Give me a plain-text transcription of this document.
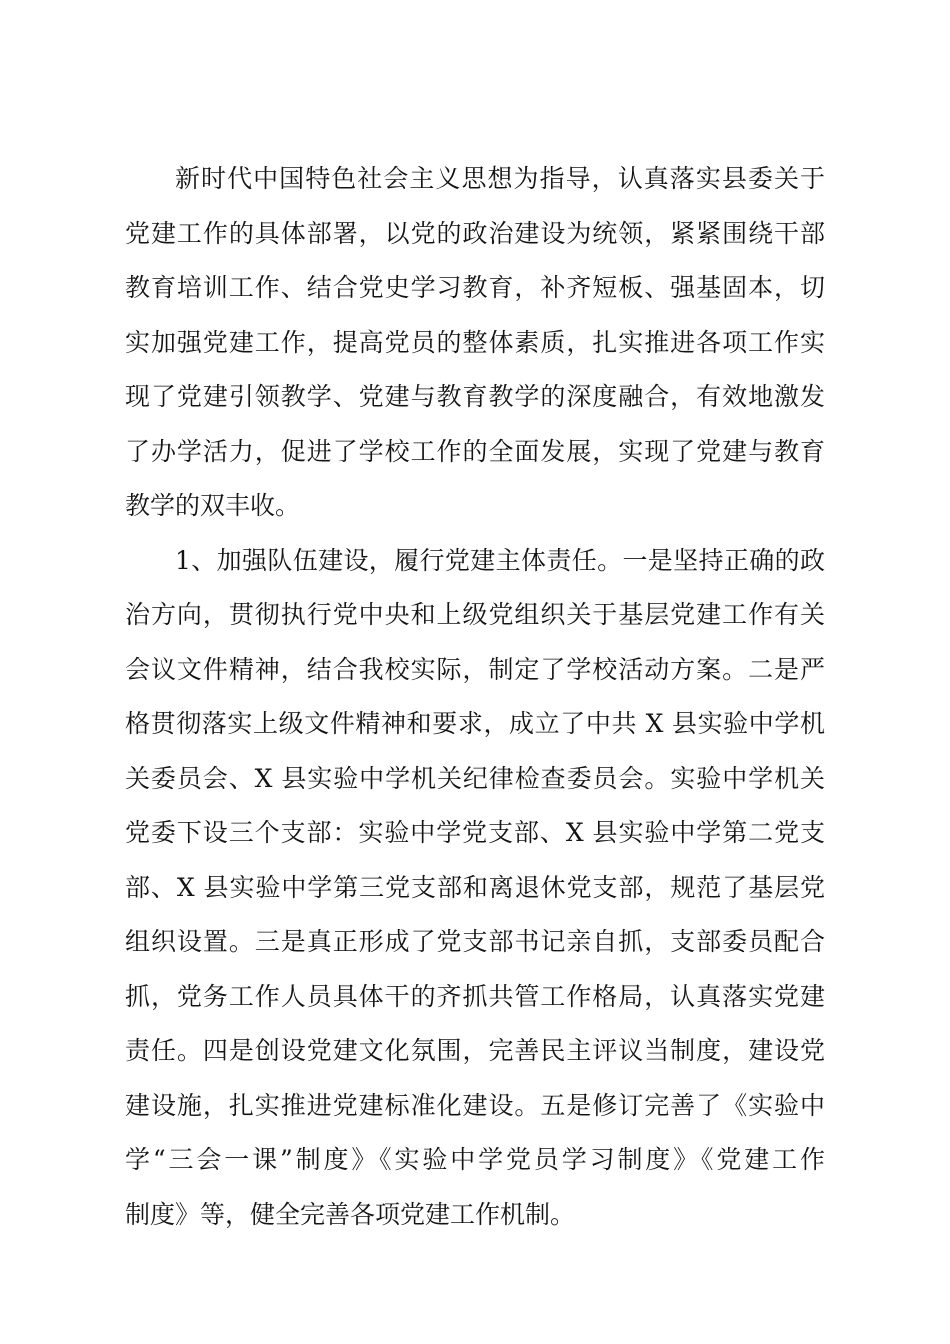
新时代中国特色社会主义思想为指导，认真落实县委关于
党建工作的具体部署，以党的政治建设为统领，紧紧围绕干部
教育培训工作、结合党史学习教育，补齐短板、强基固本，切
实加强党建工作，提高党员的整体素质，扎实推进各项工作实
现了党建引领教学、党建与教育教学的深度融合，有效地激发
了办学活力，促进了学校工作的全面发展，实现了党建与教育
教学的双丰收。
1、加强队伍建设，履行党建主体责任。一是坚持正确的政
治方向，贯彻执行党中央和上级党组织关于基层党建工作有关
会议文件精神，结合我校实际，制定了学校活动方案。二是严
格贯彻落实上级文件精神和要求，成立了中共 X 县实验中学机
关委员会、X 县实验中学机关纪律检查委员会。实验中学机关
党委下设三个支部：实验中学党支部、X 县实验中学第二党支
部、X 县实验中学第三党支部和离退休党支部，规范了基层党
组织设置。三是真正形成了党支部书记亲自抓，支部委员配合
抓，党务工作人员具体干的齐抓共管工作格局，认真落实党建
责任。四是创设党建文化氛围，完善民主评议当制度，建设党
建设施，扎实推进党建标准化建设。五是修订完善了《实验中
学“三会一课”制度》《实验中学党员学习制度》《党建工作
制度》等，健全完善各项党建工作机制。
